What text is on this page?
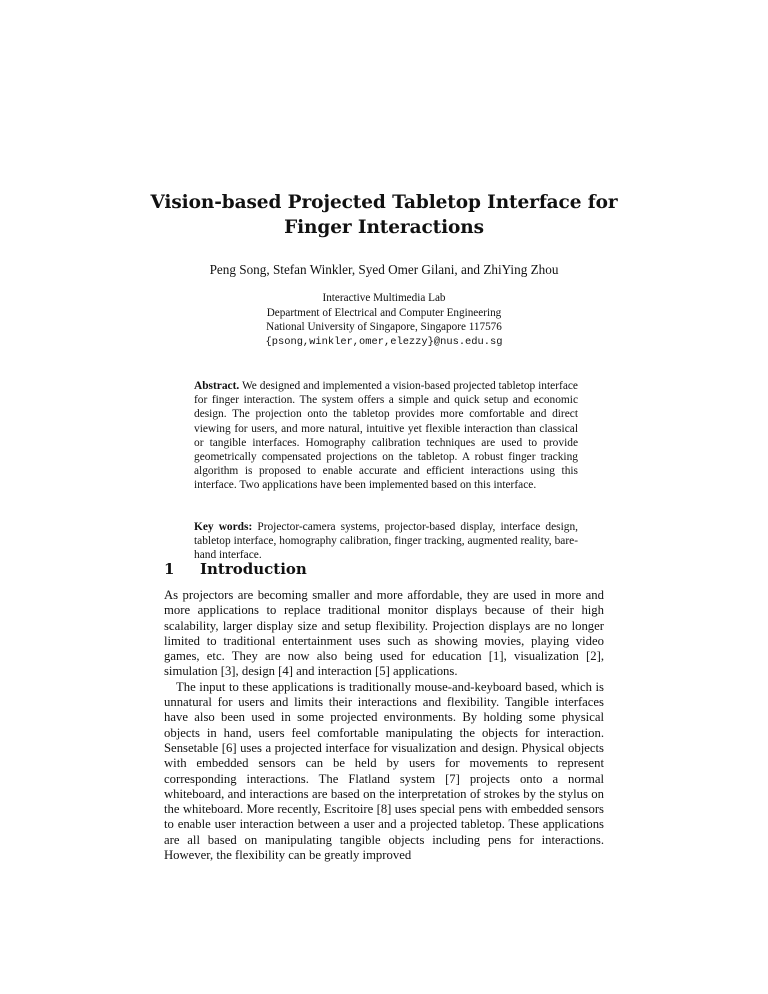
Vision-based Projected Tabletop Interface for
Finger Interactions
Peng Song, Stefan Winkler, Syed Omer Gilani, and ZhiYing Zhou
Interactive Multimedia Lab
Department of Electrical and Computer Engineering
National University of Singapore, Singapore 117576
{psong,winkler,omer,elezzy}@nus.edu.sg
Abstract. We designed and implemented a vision-based projected tabletop interface for finger interaction. The system offers a simple and quick setup and economic design. The projection onto the tabletop provides more comfortable and direct viewing for users, and more natural, intuitive yet flexible interaction than classical or tangible interfaces. Homography calibration techniques are used to provide geometrically compensated projections on the tabletop. A robust finger tracking algorithm is proposed to enable accurate and efficient interactions using this interface. Two applications have been implemented based on this interface.
Key words: Projector-camera systems, projector-based display, interface design, tabletop interface, homography calibration, finger tracking, augmented reality, bare-hand interface.
1 Introduction

As projectors are becoming smaller and more affordable, they are used in more and more applications to replace traditional monitor displays because of their high scalability, larger display size and setup flexibility. Projection displays are no longer limited to traditional entertainment uses such as showing movies, playing video games, etc. They are now also being used for education [1], visualization [2], simulation [3], design [4] and interaction [5] applications.

The input to these applications is traditionally mouse-and-keyboard based, which is unnatural for users and limits their interactions and flexibility. Tangible interfaces have also been used in some projected environments. By holding some physical objects in hand, users feel comfortable manipulating the objects for interaction. Sensetable [6] uses a projected interface for visualization and design. Physical objects with embedded sensors can be held by users for movements to represent corresponding interactions. The Flatland system [7] projects onto a normal whiteboard, and interactions are based on the interpretation of strokes by the stylus on the whiteboard. More recently, Escritoire [8] uses special pens with embedded sensors to enable user interaction between a user and a projected tabletop. These applications are all based on manipulating tangible objects including pens for interactions. However, the flexibility can be greatly improved
